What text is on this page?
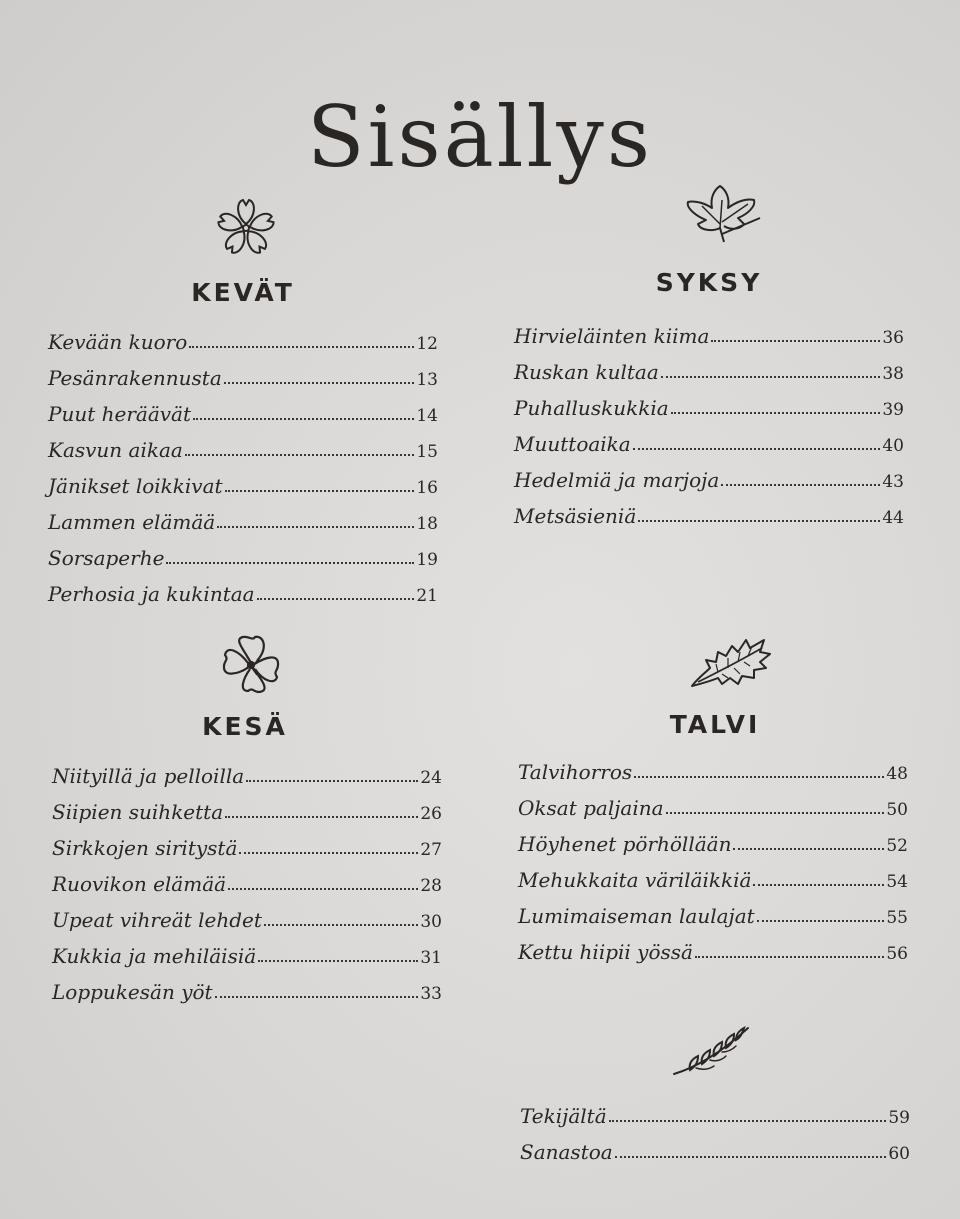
Sisällys
KEVÄT
Kevään kuoro	12
Pesänrakennusta	13
Puut heräävät	14
Kasvun aikaa	15
Jänikset loikkivat	16
Lammen elämää	18
Sorsaperhe	19
Perhosia ja kukintaa	21
KESÄ
Niityillä ja pelloilla	24
Siipien suihketta	26
Sirkkojen siritystä	27
Ruovikon elämää	28
Upeat vihreät lehdet	30
Kukkia ja mehiläisiä	31
Loppukesän yöt	33
SYKSY
Hirvieläinten kiima	36
Ruskan kultaa	38
Puhalluskukkia	39
Muuttoaika	40
Hedelmiä ja marjoja	43
Metsäsieniä	44
TALVI
Talvihorros	48
Oksat paljaina	50
Höyhenet pörhöllään	52
Mehukkaita väriläikkiä	54
Lumimaiseman laulajat	55
Kettu hiipii yössä	56
Tekijältä	59
Sanastoa	60
